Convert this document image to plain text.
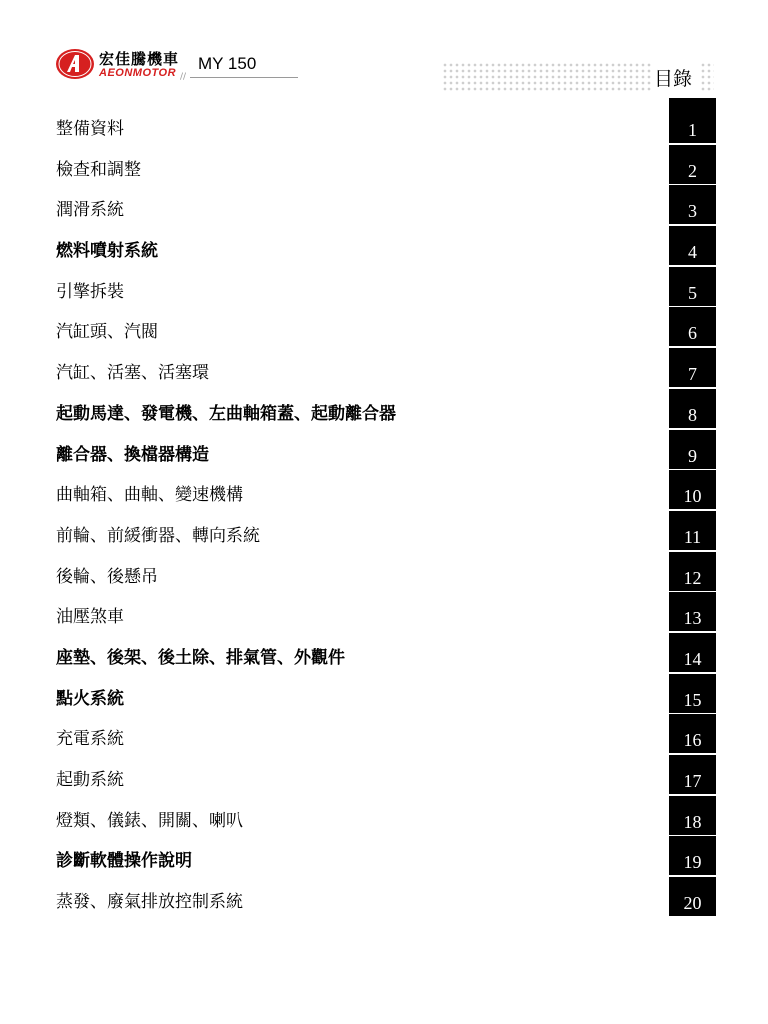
宏佳騰機車
AEONMOTOR //
MY 150
目錄
整備資料	1
檢查和調整	2
潤滑系統	3
燃料噴射系統	4
引擎拆裝	5
汽缸頭、汽閥	6
汽缸、活塞、活塞環	7
起動馬達、發電機、左曲軸箱蓋、起動離合器	8
離合器、換檔器構造	9
曲軸箱、曲軸、變速機構	10
前輪、前緩衝器、轉向系統	11
後輪、後懸吊	12
油壓煞車	13
座墊、後架、後土除、排氣管、外觀件	14
點火系統	15
充電系統	16
起動系統	17
燈類、儀錶、開關、喇叭	18
診斷軟體操作說明	19
蒸發、廢氣排放控制系統	20
